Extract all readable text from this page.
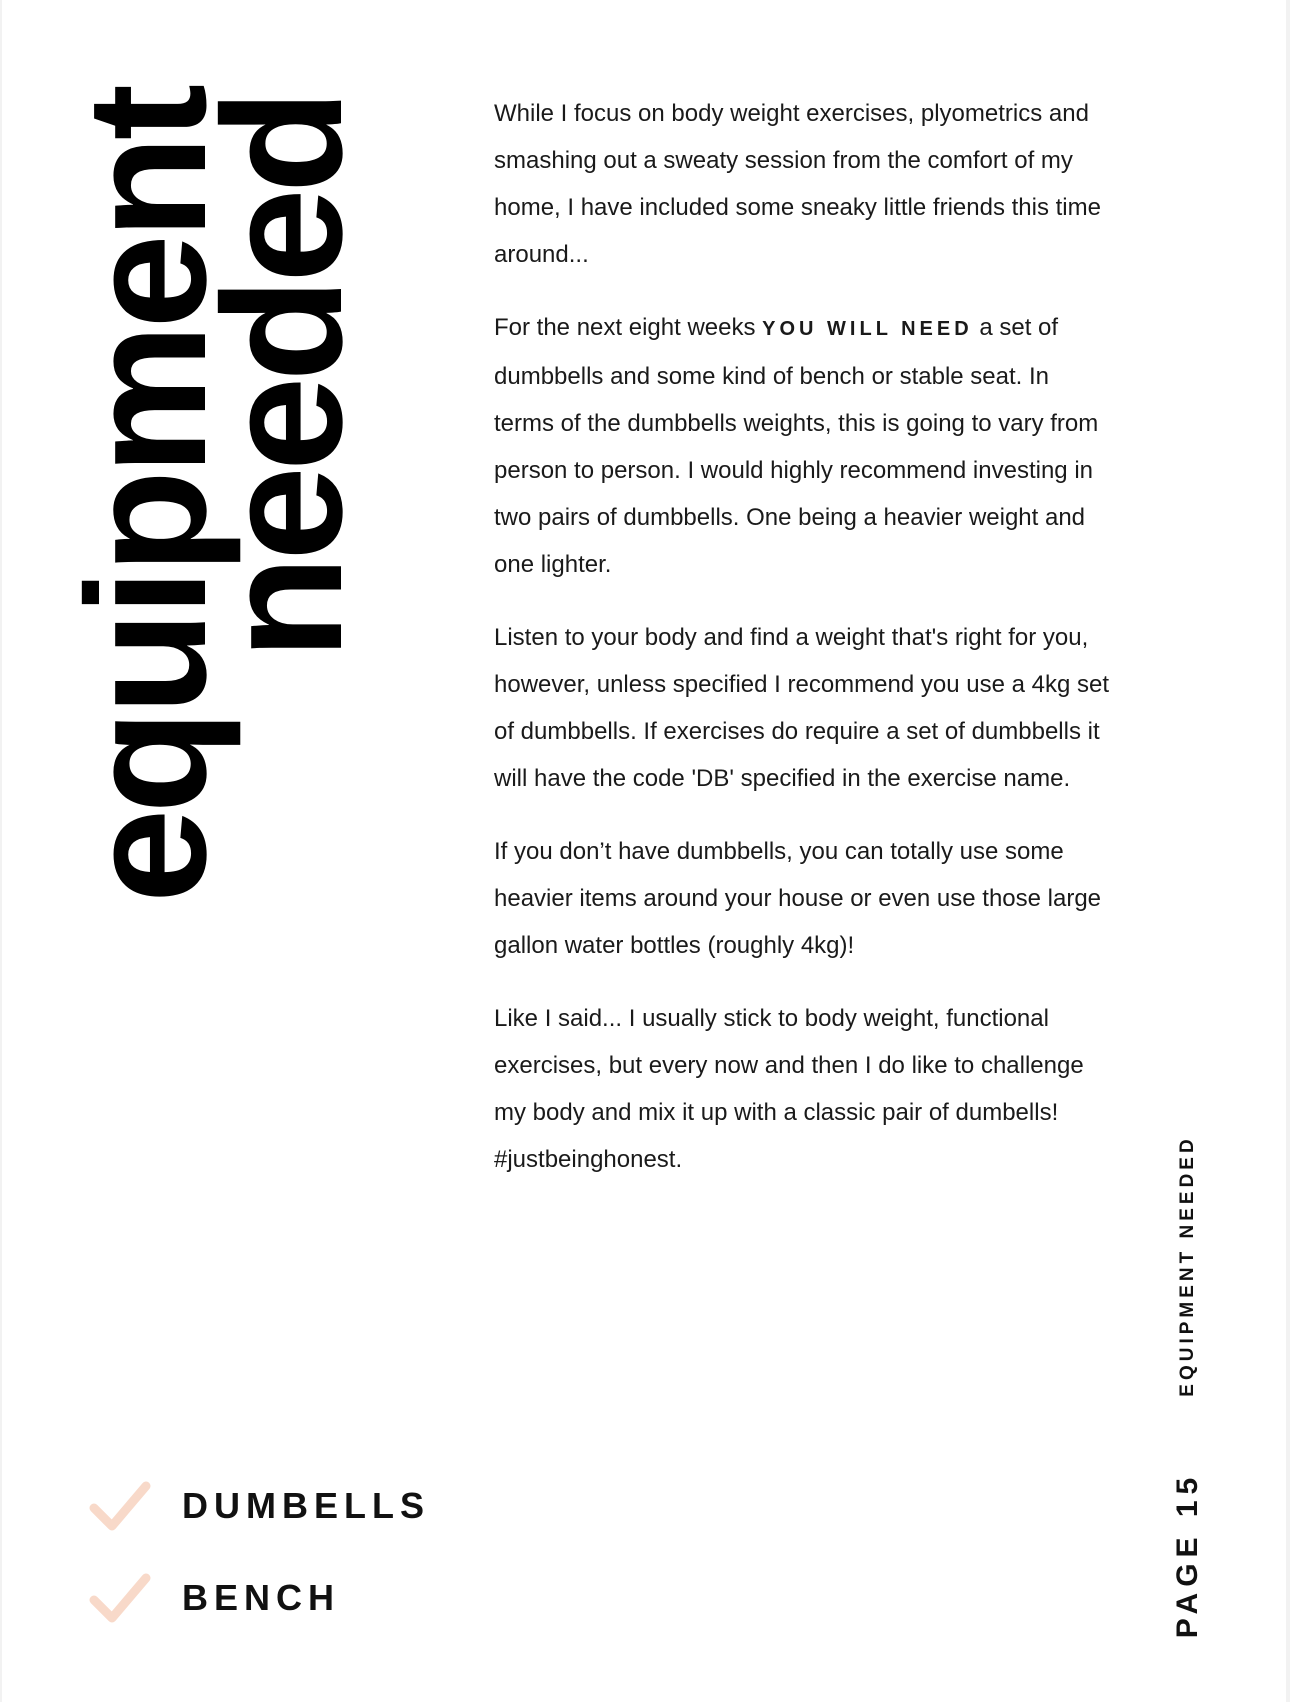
equipment
needed	While I focus on body weight exercises, plyometrics and smashing out a sweaty session from the comfort of my home, I have included some sneaky little friends this time around...

For the next eight weeks YOU WILL NEED a set of dumbbells and some kind of bench or stable seat. In terms of the dumbbells weights, this is going to vary from person to person. I would highly recommend investing in two pairs of dumbbells. One being a heavier weight and one lighter.

Listen to your body and find a weight that's right for you, however, unless specified I recommend you use a 4kg set of dumbbells. If exercises do require a set of dumbbells it will have the code 'DB' specified in the exercise name.

If you don’t have dumbbells, you can totally use some heavier items around your house or even use those large gallon water bottles (roughly 4kg)!

Like I said... I usually stick to body weight, functional exercises, but every now and then I do like to challenge my body and mix it up with a classic pair of dumbells! #justbeinghonest.

DUMBELLS
BENCH
EQUIPMENT NEEDED
PAGE 15
